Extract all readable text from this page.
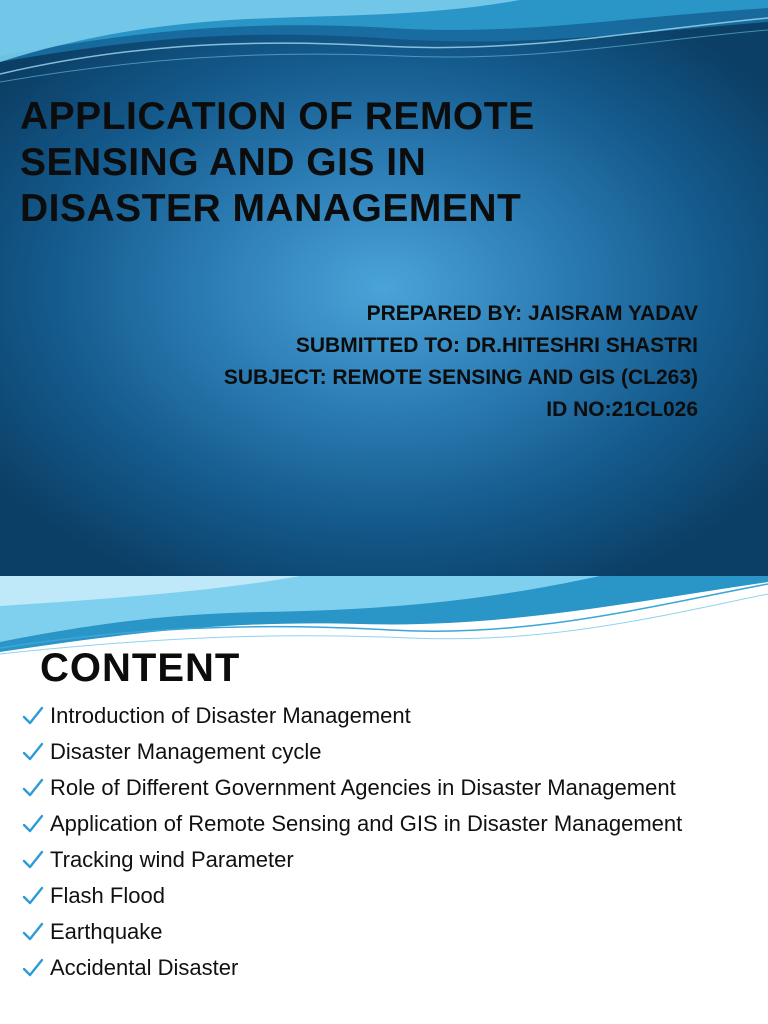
APPLICATION OF REMOTE
SENSING AND GIS IN
DISASTER MANAGEMENT
PREPARED BY: JAISRAM YADAV
SUBMITTED TO: DR.HITESHRI SHASTRI
SUBJECT: REMOTE SENSING AND GIS (CL263)
ID NO:21CL026
CONTENT
Introduction of Disaster Management
Disaster Management cycle
Role of Different Government Agencies in Disaster Management
Application of Remote Sensing and GIS in Disaster Management
Tracking wind Parameter
Flash Flood
Earthquake
Accidental Disaster
